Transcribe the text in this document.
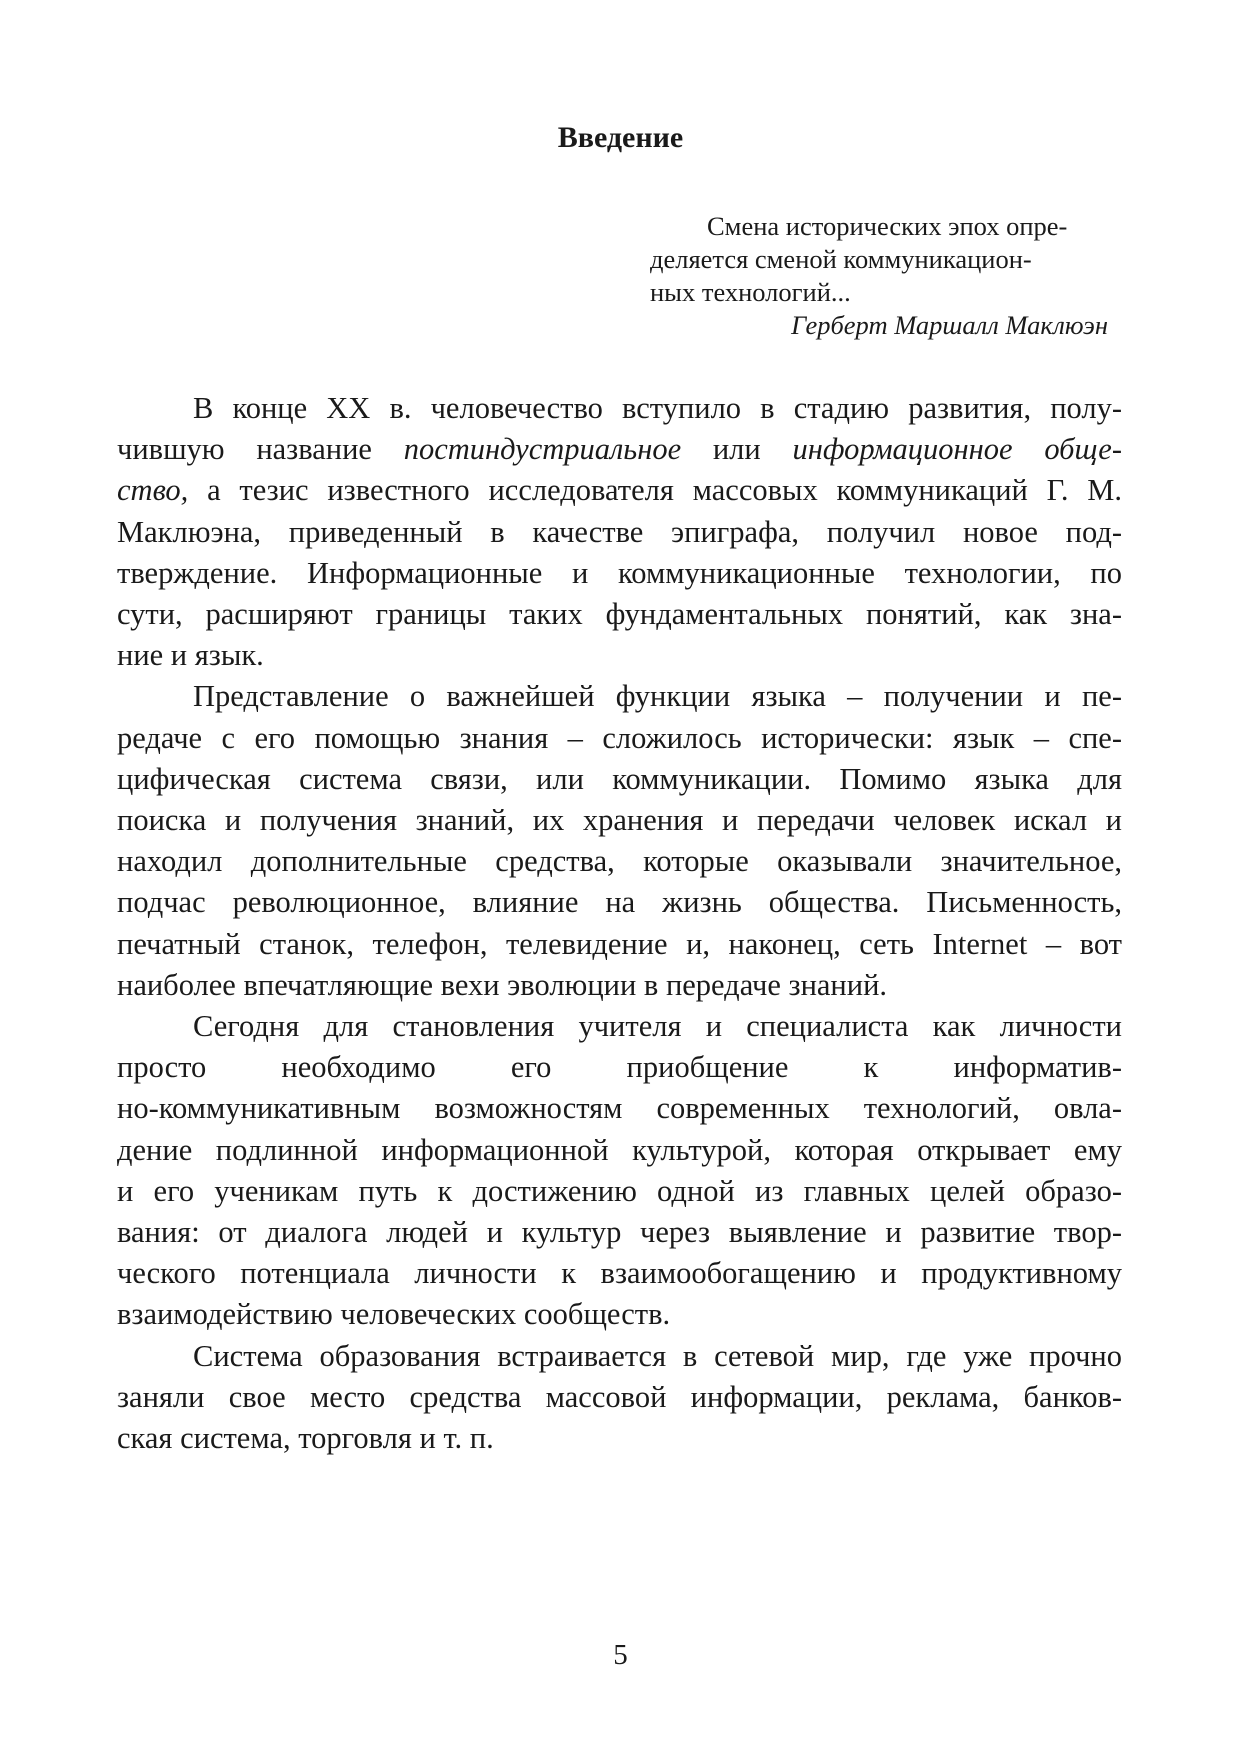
Введение
Смена исторических эпох опре-
деляется сменой коммуникацион-
ных технологий...
Герберт Маршалл Маклюэн
В конце XX в. человечество вступило в стадию развития, полу-
чившую название постиндустриальное или информационное обще-
ство, а тезис известного исследователя массовых коммуникаций Г. М.
Маклюэна, приведенный в качестве эпиграфа, получил новое под-
тверждение. Информационные и коммуникационные технологии, по
сути, расширяют границы таких фундаментальных понятий, как зна-
ние и язык.
Представление о важнейшей функции языка – получении и пе-
редаче с его помощью знания – сложилось исторически: язык – спе-
цифическая система связи, или коммуникации. Помимо языка для
поиска и получения знаний, их хранения и передачи человек искал и
находил дополнительные средства, которые оказывали значительное,
подчас революционное, влияние на жизнь общества. Письменность,
печатный станок, телефон, телевидение и, наконец, сеть Internet – вот
наиболее впечатляющие вехи эволюции в передаче знаний.
Сегодня для становления учителя и специалиста как личности
просто необходимо его приобщение к информатив-
но-коммуникативным возможностям современных технологий, овла-
дение подлинной информационной культурой, которая открывает ему
и его ученикам путь к достижению одной из главных целей образо-
вания: от диалога людей и культур через выявление и развитие твор-
ческого потенциала личности к взаимообогащению и продуктивному
взаимодействию человеческих сообществ.
Система образования встраивается в сетевой мир, где уже прочно
заняли свое место средства массовой информации, реклама, банков-
ская система, торговля и т. п.
5
